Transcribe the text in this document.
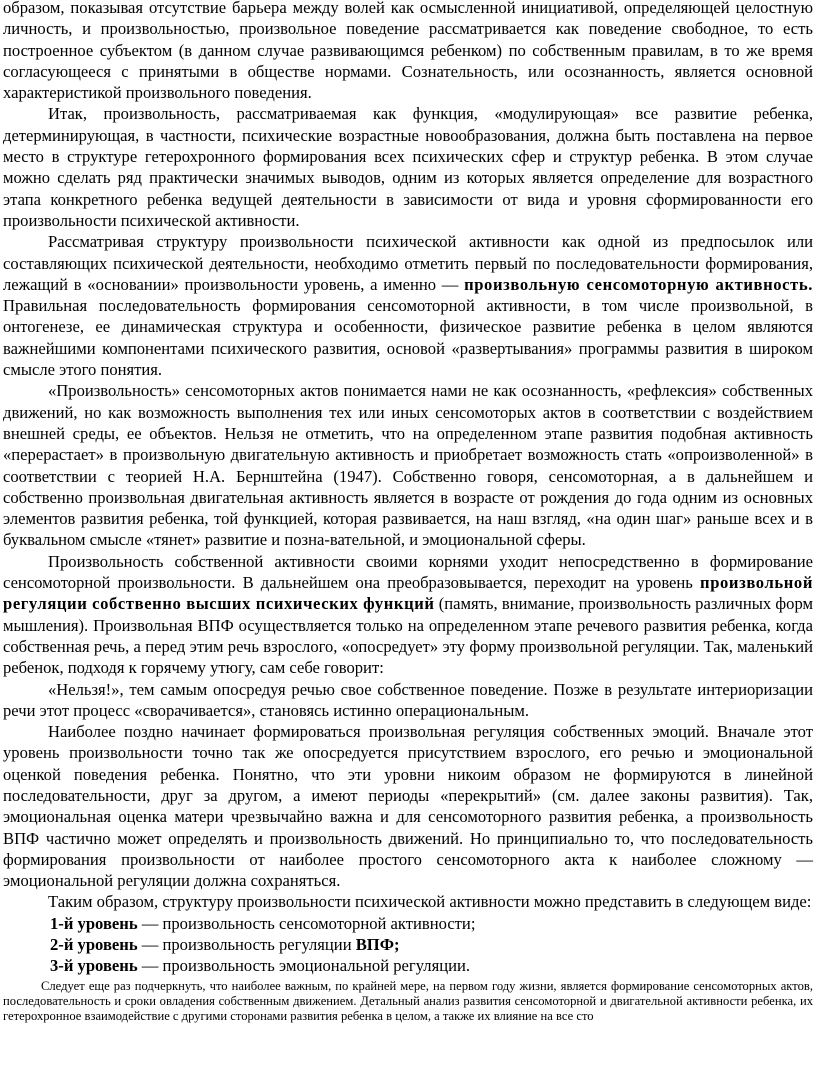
образом, показывая отсутствие барьера между волей как осмысленной инициативой, определяющей целостную личность, и произвольностью, произвольное поведение рассматривается как поведение свободное, то есть построенное субъектом (в данном случае развивающимся ребенком) по собственным правилам, в то же время согласующееся с принятыми в обществе нормами. Сознательность, или осознанность, является основной характеристикой произвольного поведения.

Итак, произвольность, рассматриваемая как функция, «модулирующая» все развитие ребенка, детерминирующая, в частности, психические возрастные новообразования, должна быть поставлена на первое место в структуре гетерохронного формирования всех психических сфер и структур ребенка. В этом случае можно сделать ряд практически значимых выводов, одним из которых является определение для возрастного этапа конкретного ребенка ведущей деятельности в зависимости от вида и уровня сформированности его произвольности психической активности.

Рассматривая структуру произвольности психической активности как одной из предпосылок или составляющих психической деятельности, необходимо отметить первый по последовательности формирования, лежащий в «основании» произвольности уровень, а именно — произвольную сенсомоторную активность. Правильная последовательность формирования сенсомоторной активности, в том числе произвольной, в онтогенезе, ее динамическая структура и особенности, физическое развитие ребенка в целом являются важнейшими компонентами психического развития, основой «развертывания» программы развития в широком смысле этого понятия.

«Произвольность» сенсомоторных актов понимается нами не как осознанность, «рефлексия» собственных движений, но как возможность выполнения тех или иных сенсомоторых актов в соответствии с воздействием внешней среды, ее объектов. Нельзя не отметить, что на определенном этапе развития подобная активность «перерастает» в произвольную двигательную активность и приобретает возможность стать «опроизволенной» в соответствии с теорией Н.А. Бернштейна (1947). Собственно говоря, сенсомоторная, а в дальнейшем и собственно произвольная двигательная активность является в возрасте от рождения до года одним из основных элементов развития ребенка, той функцией, которая развивается, на наш взгляд, «на один шаг» раньше всех и в буквальном смысле «тянет» развитие и позна-вательной, и эмоциональной сферы.

Произвольность собственной активности своими корнями уходит непосредственно в формирование сенсомоторной произвольности. В дальнейшем она преобразовывается, переходит на уровень произвольной регуляции собственно высших психических функций (память, внимание, произвольность различных форм мышления). Произвольная ВПФ осуществляется только на определенном этапе речевого развития ребенка, когда собственная речь, а перед этим речь взрослого, «опосредует» эту форму произвольной регуляции. Так, маленький ребенок, подходя к горячему утюгу, сам себе говорит:

«Нельзя!», тем самым опосредуя речью свое собственное поведение. Позже в результате интериоризации речи этот процесс «сворачивается», становясь истинно операциональным.

Наиболее поздно начинает формироваться произвольная регуляция собственных эмоций. Вначале этот уровень произвольности точно так же опосредуется присутствием взрослого, его речью и эмоциональной оценкой поведения ребенка. Понятно, что эти уровни никоим образом не формируются в линейной последовательности, друг за другом, а имеют периоды «перекрытий» (см. далее законы развития). Так, эмоциональная оценка матери чрезвычайно важна и для сенсомоторного развития ребенка, а произвольность ВПФ частично может определять и произвольность движений. Но принципиально то, что последовательность формирования произвольности от наиболее простого сенсомоторного акта к наиболее сложному — эмоциональной регуляции должна сохраняться.

Таким образом, структуру произвольности психической активности можно представить в следующем виде:

1-й уровень — произвольность сенсомоторной активности;

2-й уровень — произвольность регуляции ВПФ;

3-й уровень — произвольность эмоциональной регуляции.

Следует еще раз подчеркнуть, что наиболее важным, по крайней мере, на первом году жизни, является формирование сенсомоторных актов, последовательность и сроки овладения собственным движением. Детальный анализ развития сенсомоторной и двигательной активности ребенка, их гетерохронное взаимодействие с другими сторонами развития ребенка в целом, а также их влияние на все сто
